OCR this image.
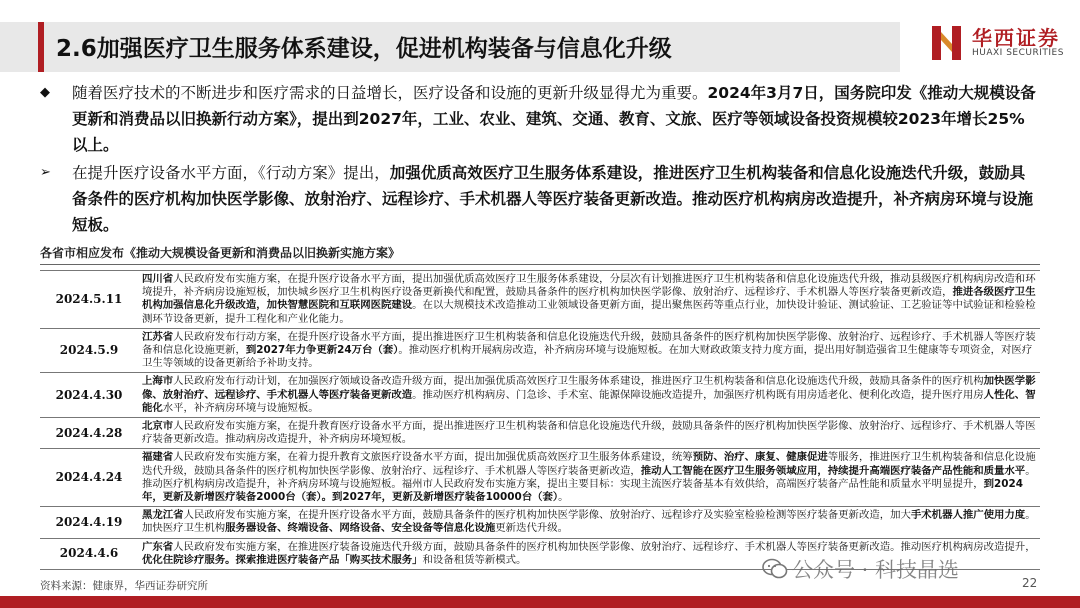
2.6加强医疗卫生服务体系建设，促进机构装备与信息化升级	华西证券
HUAXI SECURITIES
◆	随着医疗技术的不断进步和医疗需求的日益增长，医疗设备和设施的更新升级显得尤为重要。2024年3月7日，国务院印发《推动大规模设备更新和消费品以旧换新行动方案》，提出到2027年，工业、农业、建筑、交通、教育、文旅、医疗等领域设备投资规模较2023年增长25%以上。
➢	在提升医疗设备水平方面，《行动方案》提出，加强优质高效医疗卫生服务体系建设，推进医疗卫生机构装备和信息化设施迭代升级，鼓励具备条件的医疗机构加快医学影像、放射治疗、远程诊疗、手术机器人等医疗装备更新改造。推动医疗机构病房改造提升，补齐病房环境与设施短板。
各省市相应发布《推动大规模设备更新和消费品以旧换新实施方案》
2024.5.11	四川省人民政府发布实施方案，在提升医疗设备水平方面，提出加强优质高效医疗卫生服务体系建设，分层次有计划推进医疗卫生机构装备和信息化设施迭代升级，推动县级医疗机构病房改造和环境提升，补齐病房设施短板，加快城乡医疗卫生机构医疗设备更新换代和配置，鼓励具备条件的医疗机构加快医学影像、放射治疗、远程诊疗、手术机器人等医疗装备更新改造，推进各级医疗卫生机构加强信息化升级改造，加快智慧医院和互联网医院建设。在以大规模技术改造推动工业领域设备更新方面，提出聚焦医药等重点行业，加快设计验证、测试验证、工艺验证等中试验证和检验检测环节设备更新，提升工程化和产业化能力。
2024.5.9	江苏省人民政府发布行动方案，在提升医疗设备水平方面，提出推进医疗卫生机构装备和信息化设施迭代升级，鼓励具备条件的医疗机构加快医学影像、放射治疗、远程诊疗、手术机器人等医疗装备和信息化设施更新，到2027年力争更新24万台（套）。推动医疗机构开展病房改造，补齐病房环境与设施短板。在加大财政政策支持力度方面，提出用好制造强省卫生健康等专项资金，对医疗卫生等领域的设备更新给予补助支持。
2024.4.30	上海市人民政府发布行动计划，在加强医疗领域设备改造升级方面，提出加强优质高效医疗卫生服务体系建设，推进医疗卫生机构装备和信息化设施迭代升级，鼓励具备条件的医疗机构加快医学影像、放射治疗、远程诊疗、手术机器人等医疗装备更新改造。推动医疗机构病房、门急诊、手术室、能源保障设施改造提升，加强医疗机构既有用房适老化、便利化改造，提升医疗用房人性化、智能化水平，补齐病房环境与设施短板。
2024.4.28	北京市人民政府发布实施方案，在提升教育医疗设备水平方面，提出推进医疗卫生机构装备和信息化设施迭代升级，鼓励具备条件的医疗机构加快医学影像、放射治疗、远程诊疗、手术机器人等医疗装备更新改造。推动病房改造提升，补齐病房环境短板。
2024.4.24	福建省人民政府发布实施方案，在着力提升教育文旅医疗设备水平方面，提出加强优质高效医疗卫生服务体系建设，统筹预防、治疗、康复、健康促进等服务，推进医疗卫生机构装备和信息化设施迭代升级，鼓励具备条件的医疗机构加快医学影像、放射治疗、远程诊疗、手术机器人等医疗装备更新改造，推动人工智能在医疗卫生服务领域应用，持续提升高端医疗装备产品性能和质量水平。推动医疗机构病房改造提升，补齐病房环境与设施短板。福州市人民政府发布实施方案，提出主要目标：实现主流医疗装备基本有效供给，高端医疗装备产品性能和质量水平明显提升，到2024年，更新及新增医疗装备2000台（套）。到2027年，更新及新增医疗装备10000台（套）。
2024.4.19	黑龙江省人民政府发布实施方案，在提升医疗设备水平方面，鼓励具备条件的医疗机构加快医学影像、放射治疗、远程诊疗及实验室检验检测等医疗装备更新改造，加大手术机器人推广使用力度。加快医疗卫生机构服务器设备、终端设备、网络设备、安全设备等信息化设施更新迭代升级。
2024.4.6	广东省人民政府发布实施方案，在推进医疗装备设施迭代升级方面，鼓励具备条件的医疗机构加快医学影像、放射治疗、远程诊疗、手术机器人等医疗装备更新改造。推动医疗机构病房改造提升，优化住院诊疗服务。探索推进医疗装备产品「购买技术服务」和设备租赁等新模式。
资料来源：健康界，华西证券研究所
公众号 · 科技晶选
22
